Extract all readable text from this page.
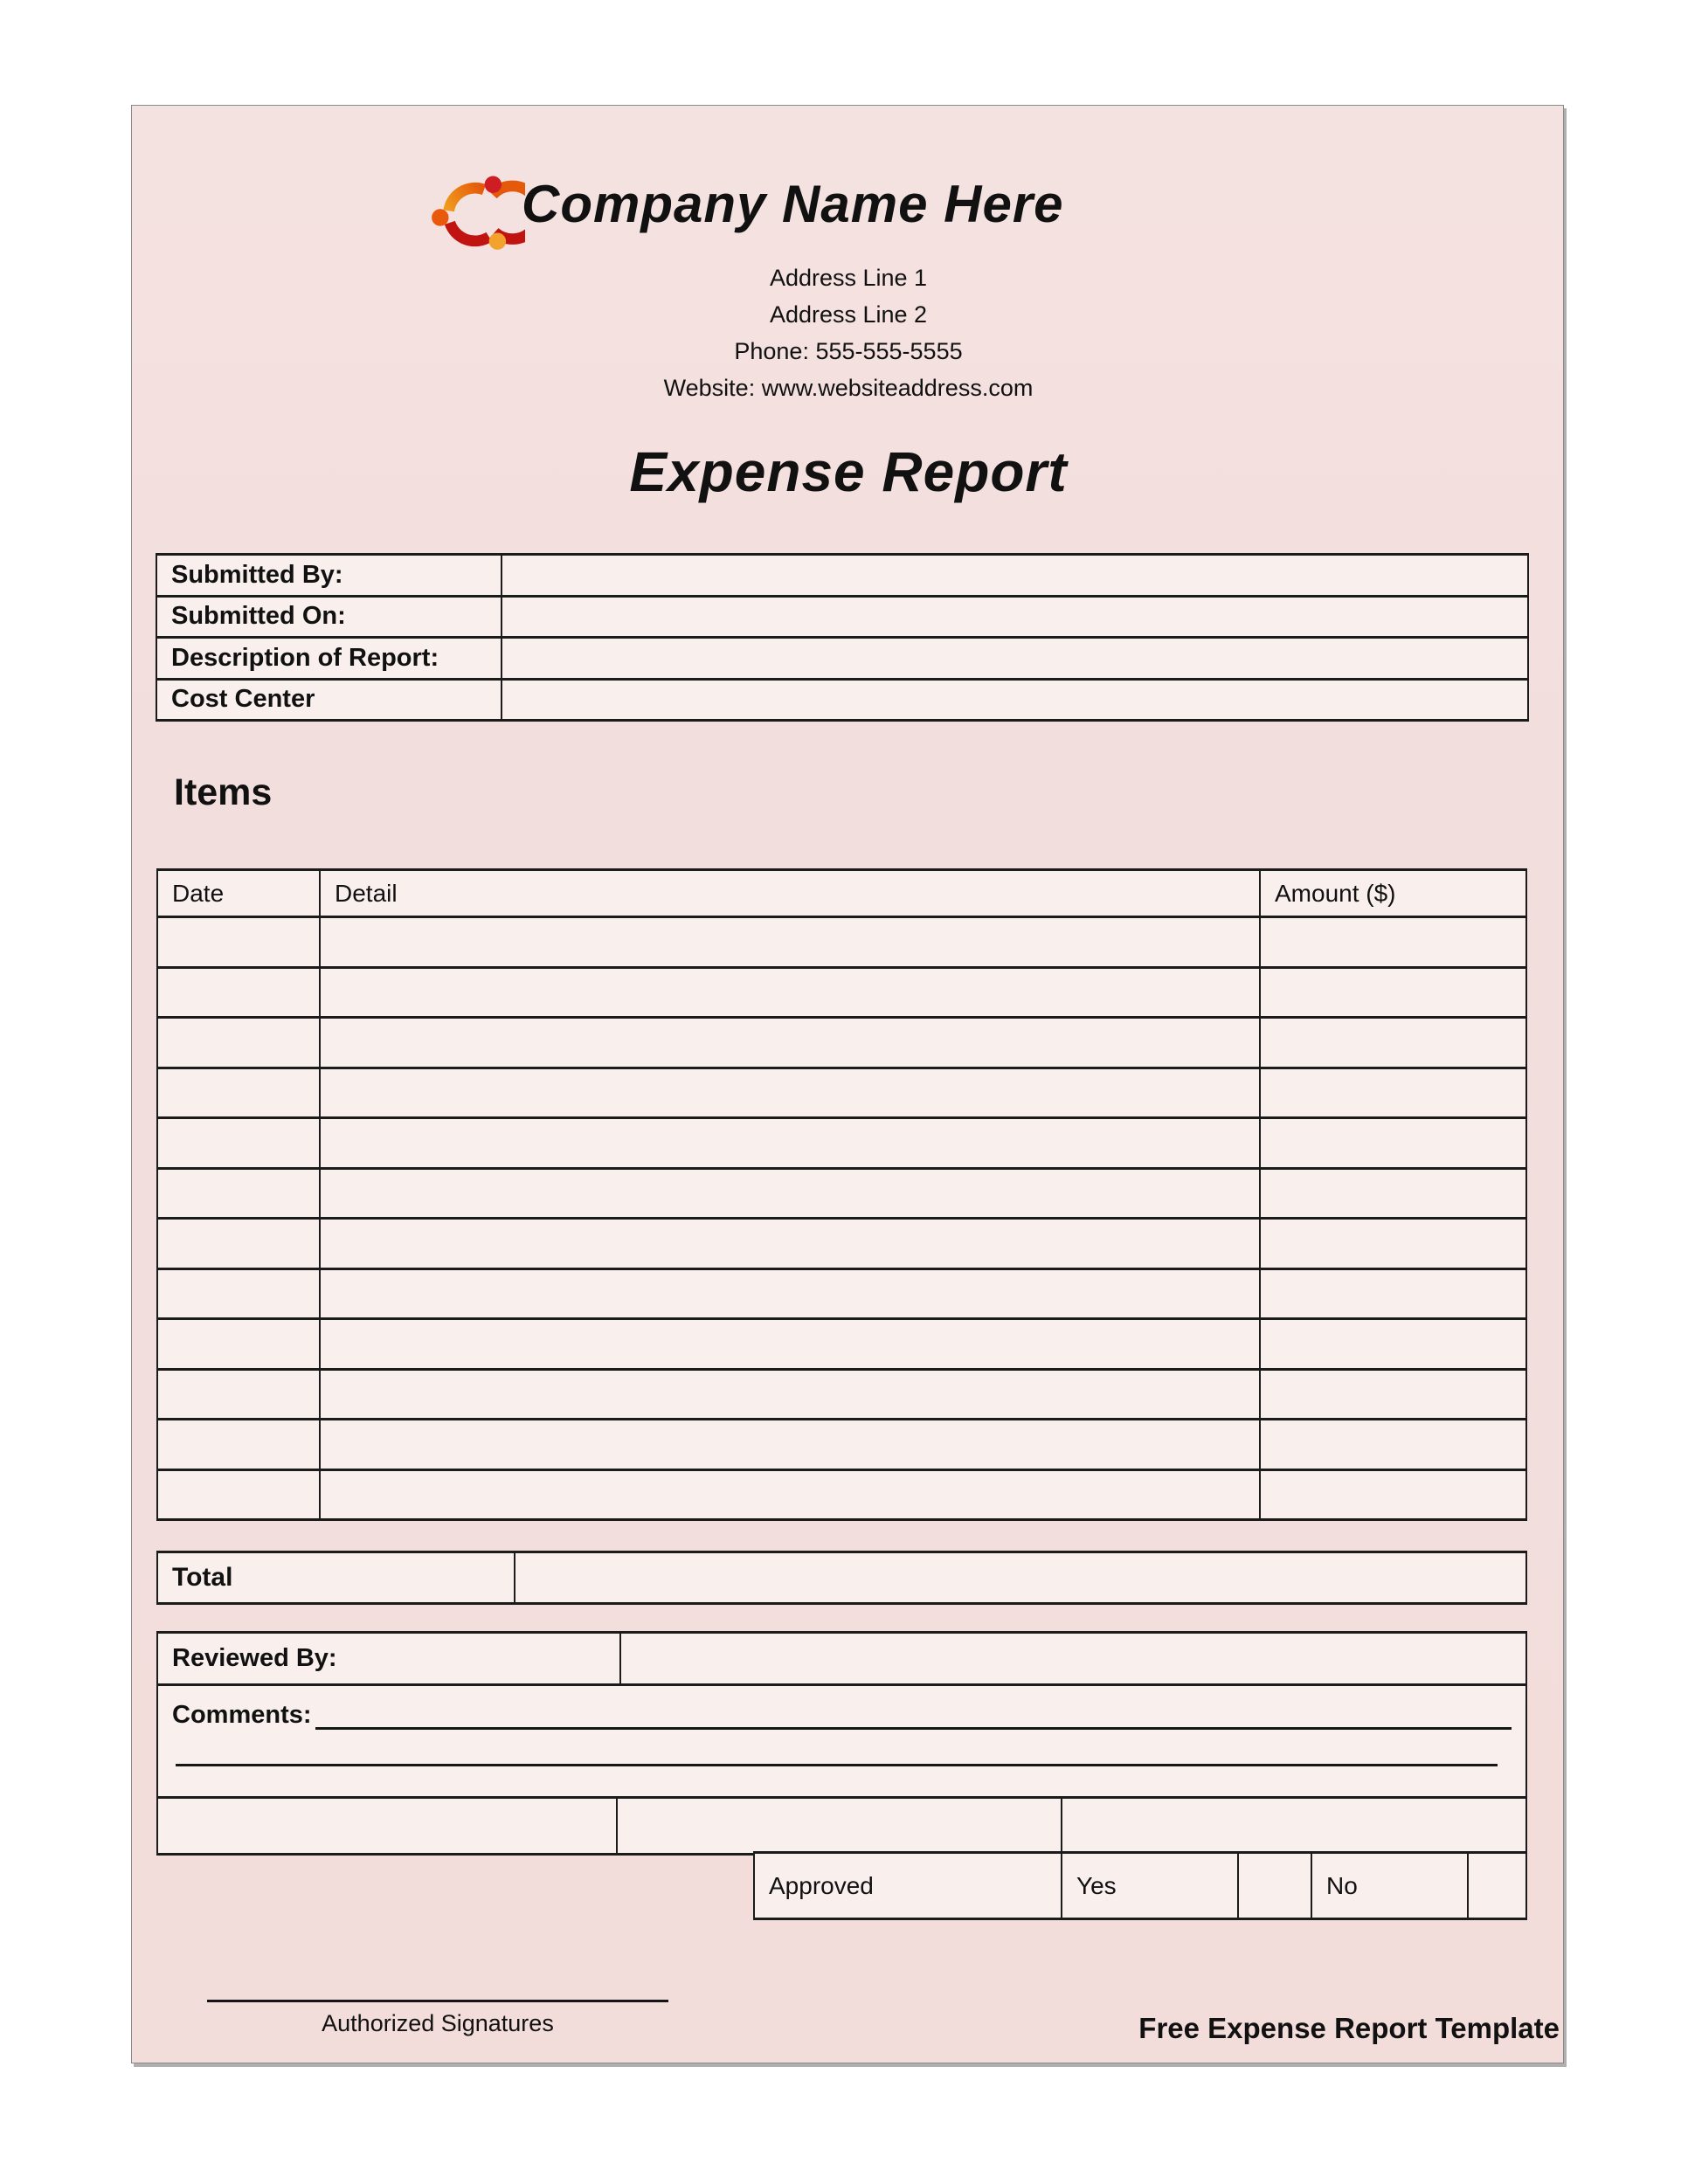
Company Name Here
Address Line 1
Address Line 2
Phone: 555-555-5555
Website: www.websiteaddress.com
Expense Report
Submitted By:	
Submitted On:	
Description of Report:	
Cost Center	
Items
Date	Detail	Amount ($)

Total	
Reviewed By:	

Comments:

Approved	Yes		No	
Authorized Signatures	Free Expense Report Template
